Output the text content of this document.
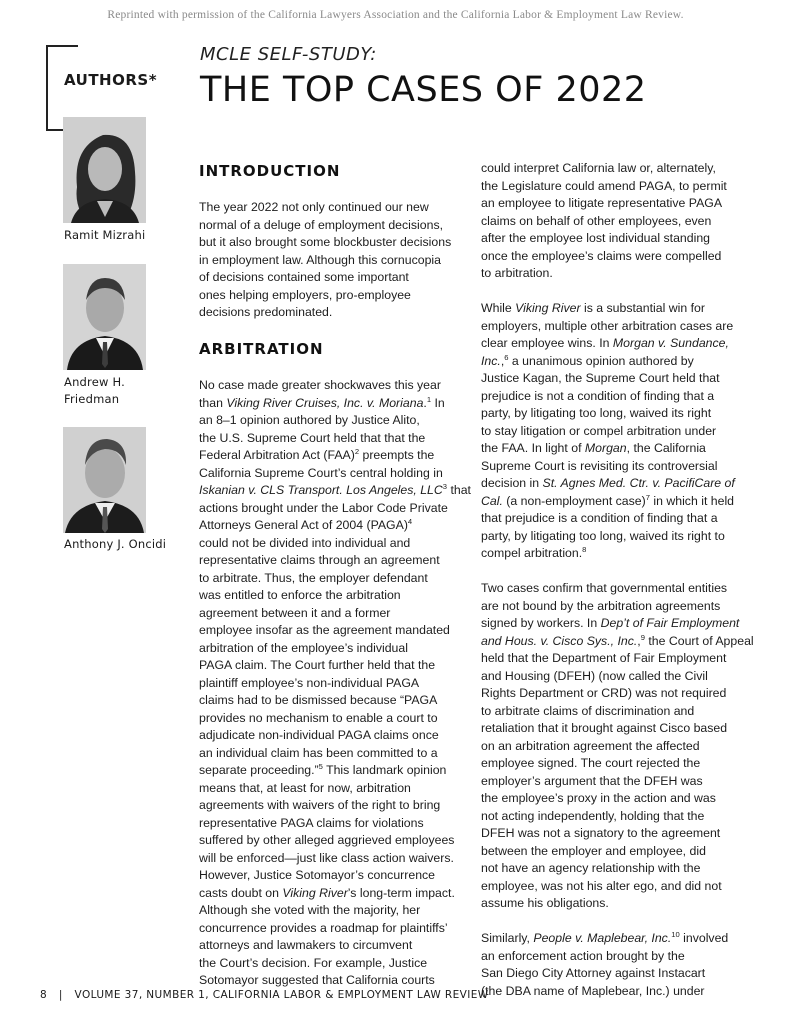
Reprinted with permission of the California Lawyers Association and the California Labor & Employment Law Review.
AUTHORS*
MCLE SELF-STUDY:
THE TOP CASES OF 2022
Ramit Mizrahi
Andrew H.
Friedman
Anthony J. Oncidi
INTRODUCTION
The year 2022 not only continued our new
normal of a deluge of employment decisions,
but it also brought some blockbuster decisions
in employment law. Although this cornucopia
of decisions contained some important
ones helping employers, pro-employee
decisions predominated.
ARBITRATION
No case made greater shockwaves this year
than Viking River Cruises, Inc. v. Moriana.$^1$ In
an 8–1 opinion authored by Justice Alito,
the U.S. Supreme Court held that that the
Federal Arbitration Act (FAA)$^2$ preempts the
California Supreme Court’s central holding in
Iskanian v. CLS Transport. Los Angeles, LLC$^3$ that
actions brought under the Labor Code Private
Attorneys General Act of 2004 (PAGA)$^4$
could not be divided into individual and
representative claims through an agreement
to arbitrate. Thus, the employer defendant
was entitled to enforce the arbitration
agreement between it and a former
employee insofar as the agreement mandated
arbitration of the employee’s individual
PAGA claim. The Court further held that the
plaintiff employee’s non-individual PAGA
claims had to be dismissed because “PAGA
provides no mechanism to enable a court to
adjudicate non-individual PAGA claims once
an individual claim has been committed to a
separate proceeding.”$^5$ This landmark opinion
means that, at least for now, arbitration
agreements with waivers of the right to bring
representative PAGA claims for violations
suffered by other alleged aggrieved employees
will be enforced—just like class action waivers.
However, Justice Sotomayor’s concurrence
casts doubt on Viking River’s long-term impact.
Although she voted with the majority, her
concurrence provides a roadmap for plaintiffs’
attorneys and lawmakers to circumvent
the Court’s decision. For example, Justice
Sotomayor suggested that California courts
could interpret California law or, alternately,
the Legislature could amend PAGA, to permit
an employee to litigate representative PAGA
claims on behalf of other employees, even
after the employee lost individual standing
once the employee’s claims were compelled
to arbitration.
While Viking River is a substantial win for
employers, multiple other arbitration cases are
clear employee wins. In Morgan v. Sundance,
Inc.,$^6$ a unanimous opinion authored by
Justice Kagan, the Supreme Court held that
prejudice is not a condition of finding that a
party, by litigating too long, waived its right
to stay litigation or compel arbitration under
the FAA. In light of Morgan, the California
Supreme Court is revisiting its controversial
decision in St. Agnes Med. Ctr. v. PacifiCare of
Cal. (a non-employment case)$^7$ in which it held
that prejudice is a condition of finding that a
party, by litigating too long, waived its right to
compel arbitration.$^8$
Two cases confirm that governmental entities
are not bound by the arbitration agreements
signed by workers. In Dep’t of Fair Employment
and Hous. v. Cisco Sys., Inc.,$^9$ the Court of Appeal
held that the Department of Fair Employment
and Housing (DFEH) (now called the Civil
Rights Department or CRD) was not required
to arbitrate claims of discrimination and
retaliation that it brought against Cisco based
on an arbitration agreement the affected
employee signed. The court rejected the
employer’s argument that the DFEH was
the employee’s proxy in the action and was
not acting independently, holding that the
DFEH was not a signatory to the agreement
between the employer and employee, did
not have an agency relationship with the
employee, was not his alter ego, and did not
assume his obligations.
Similarly, People v. Maplebear, Inc.$^{10}$ involved
an enforcement action brought by the
San Diego City Attorney against Instacart
(the DBA name of Maplebear, Inc.) under
8 | VOLUME 37, NUMBER 1, CALIFORNIA LABOR & EMPLOYMENT LAW REVIEW
